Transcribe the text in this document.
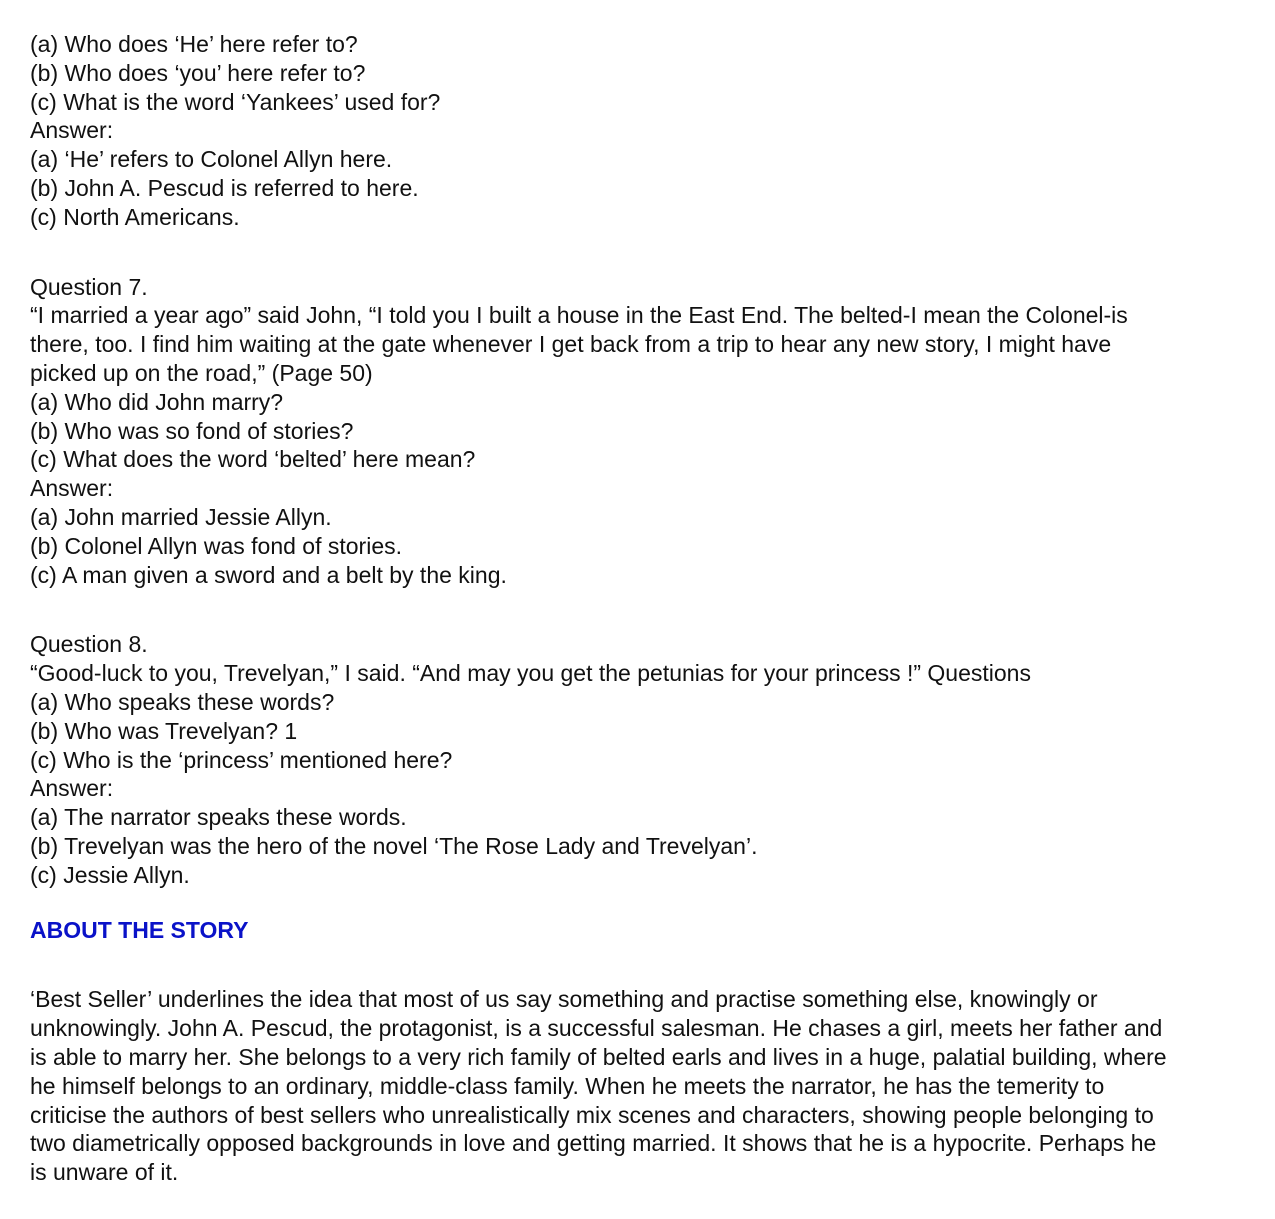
(a) Who does ‘He’ here refer to?
(b) Who does ‘you’ here refer to?
(c) What is the word ‘Yankees’ used for?
Answer:
(a) ‘He’ refers to Colonel Allyn here.
(b) John A. Pescud is referred to here.
(c) North Americans.
Question 7.
“I married a year ago” said John, “I told you I built a house in the East End. The belted-I mean the Colonel-is
there, too. I find him waiting at the gate whenever I get back from a trip to hear any new story, I might have
picked up on the road,” (Page 50)
(a) Who did John marry?
(b) Who was so fond of stories?
(c) What does the word ‘belted’ here mean?
Answer:
(a) John married Jessie Allyn.
(b) Colonel Allyn was fond of stories.
(c) A man given a sword and a belt by the king.
Question 8.
“Good-luck to you, Trevelyan,” I said. “And may you get the petunias for your princess !” Questions
(a) Who speaks these words?
(b) Who was Trevelyan? 1
(c) Who is the ‘princess’ mentioned here?
Answer:
(a) The narrator speaks these words.
(b) Trevelyan was the hero of the novel ‘The Rose Lady and Trevelyan’.
(c) Jessie Allyn.
ABOUT THE STORY
‘Best Seller’ underlines the idea that most of us say something and practise something else, knowingly or
unknowingly. John A. Pescud, the protagonist, is a successful salesman. He chases a girl, meets her father and
is able to marry her. She belongs to a very rich family of belted earls and lives in a huge, palatial building, where
he himself belongs to an ordinary, middle-class family. When he meets the narrator, he has the temerity to
criticise the authors of best sellers who unrealistically mix scenes and characters, showing people belonging to
two diametrically opposed backgrounds in love and getting married. It shows that he is a hypocrite. Perhaps he
is unware of it.
